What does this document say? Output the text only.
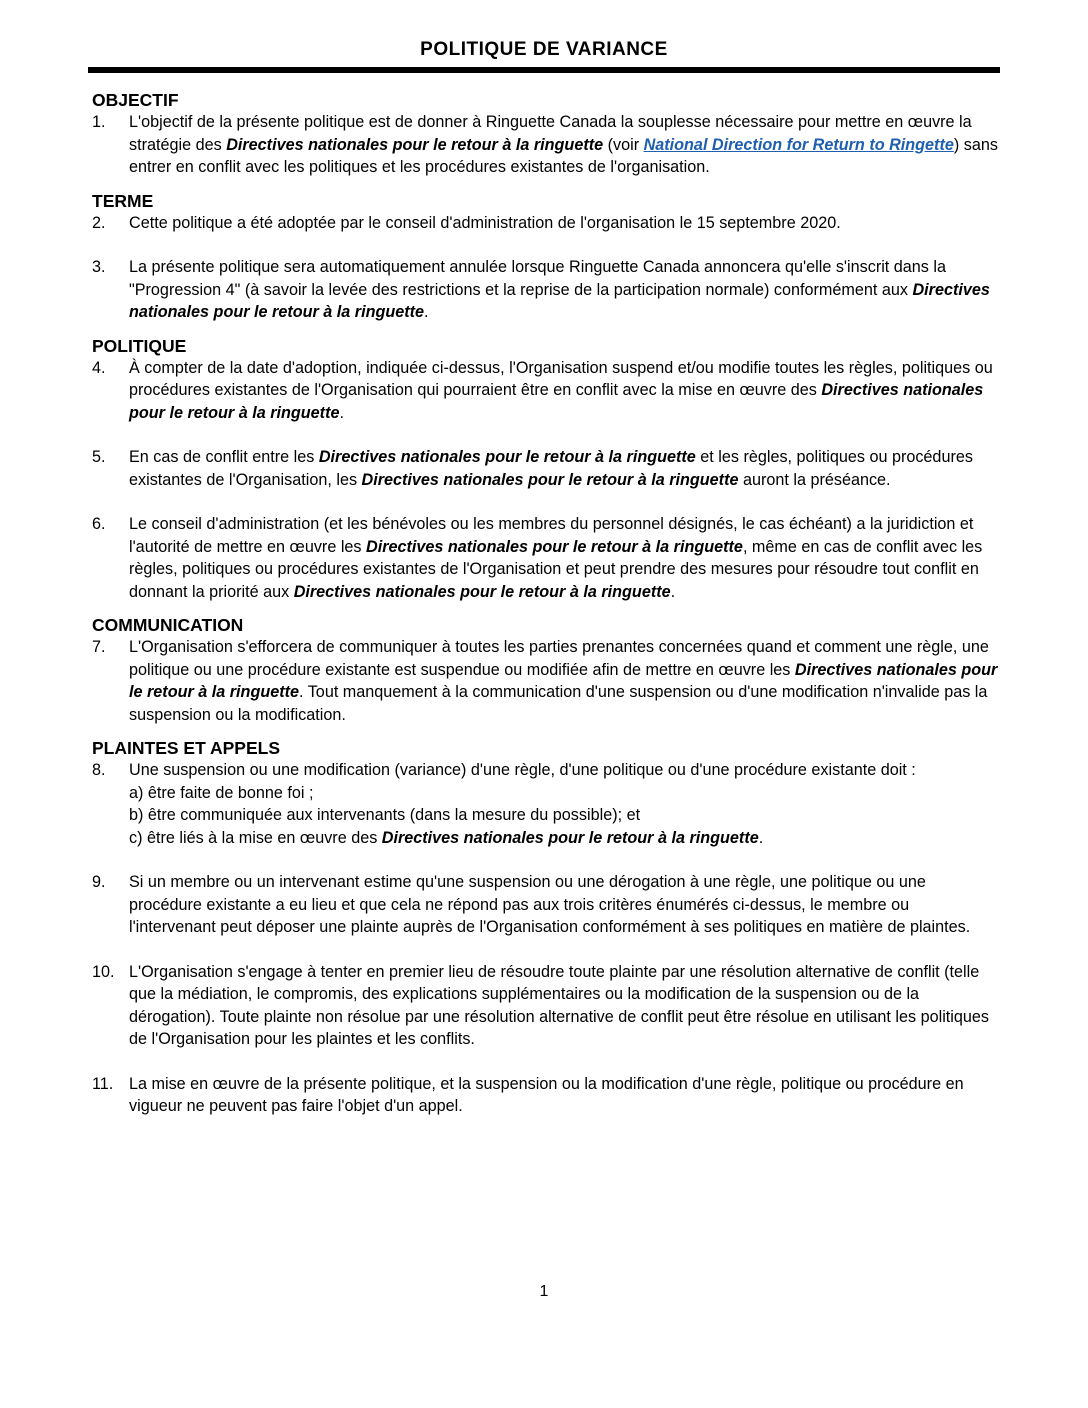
POLITIQUE DE VARIANCE
OBJECTIF
1. L'objectif de la présente politique est de donner à Ringuette Canada la souplesse nécessaire pour mettre en œuvre la stratégie des Directives nationales pour le retour à la ringuette (voir National Direction for Return to Ringette) sans entrer en conflit avec les politiques et les procédures existantes de l'organisation.

TERME
2. Cette politique a été adoptée par le conseil d'administration de l'organisation le 15 septembre 2020.

3. La présente politique sera automatiquement annulée lorsque Ringuette Canada annoncera qu'elle s'inscrit dans la "Progression 4" (à savoir la levée des restrictions et la reprise de la participation normale) conformément aux Directives nationales pour le retour à la ringuette.

POLITIQUE
4. À compter de la date d'adoption, indiquée ci-dessus, l'Organisation suspend et/ou modifie toutes les règles, politiques ou procédures existantes de l'Organisation qui pourraient être en conflit avec la mise en œuvre des Directives nationales pour le retour à la ringuette.

5. En cas de conflit entre les Directives nationales pour le retour à la ringuette et les règles, politiques ou procédures existantes de l'Organisation, les Directives nationales pour le retour à la ringuette auront la préséance.

6. Le conseil d'administration (et les bénévoles ou les membres du personnel désignés, le cas échéant) a la juridiction et l'autorité de mettre en œuvre les Directives nationales pour le retour à la ringuette, même en cas de conflit avec les règles, politiques ou procédures existantes de l'Organisation et peut prendre des mesures pour résoudre tout conflit en donnant la priorité aux Directives nationales pour le retour à la ringuette.

COMMUNICATION
7. L'Organisation s'efforcera de communiquer à toutes les parties prenantes concernées quand et comment une règle, une politique ou une procédure existante est suspendue ou modifiée afin de mettre en œuvre les Directives nationales pour le retour à la ringuette. Tout manquement à la communication d'une suspension ou d'une modification n'invalide pas la suspension ou la modification.

PLAINTES ET APPELS
8. Une suspension ou une modification (variance) d'une règle, d'une politique ou d'une procédure existante doit :

a) être faite de bonne foi ;

b) être communiquée aux intervenants (dans la mesure du possible); et

c) être liés à la mise en œuvre des Directives nationales pour le retour à la ringuette.

9. Si un membre ou un intervenant estime qu'une suspension ou une dérogation à une règle, une politique ou une procédure existante a eu lieu et que cela ne répond pas aux trois critères énumérés ci-dessus, le membre ou l'intervenant peut déposer une plainte auprès de l'Organisation conformément à ses politiques en matière de plaintes.

10. L'Organisation s'engage à tenter en premier lieu de résoudre toute plainte par une résolution alternative de conflit (telle que la médiation, le compromis, des explications supplémentaires ou la modification de la suspension ou de la dérogation). Toute plainte non résolue par une résolution alternative de conflit peut être résolue en utilisant les politiques de l'Organisation pour les plaintes et les conflits.

11. La mise en œuvre de la présente politique, et la suspension ou la modification d'une règle, politique ou procédure en vigueur ne peuvent pas faire l'objet d'un appel.

1
